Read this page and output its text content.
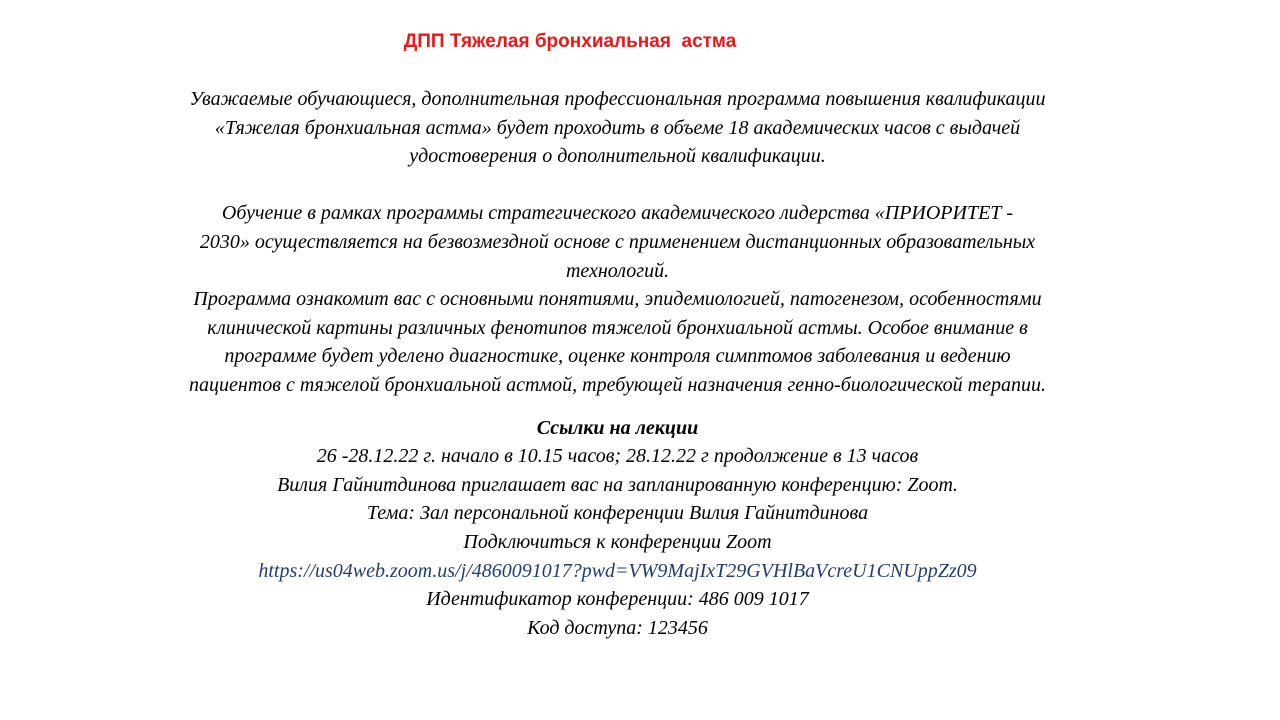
ДПП Тяжелая бронхиальная  астма

Уважаемые обучающиеся, дополнительная профессиональная программа повышения квалификации
«Тяжелая бронхиальная астма» будет проходить в объеме 18 академических часов с выдачей
удостоверения о дополнительной квалификации.

Обучение в рамках программы стратегического академического лидерства «ПРИОРИТЕТ -
2030» осуществляется на безвозмездной основе с применением дистанционных образовательных
технологий.

Программа ознакомит вас с основными понятиями, эпидемиологией, патогенезом, особенностями
клинической картины различных фенотипов тяжелой бронхиальной астмы. Особое внимание в
программе будет уделено диагностике, оценке контроля симптомов заболевания и ведению
пациентов с тяжелой бронхиальной астмой, требующей назначения генно-биологической терапии.

Ссылки на лекции
26 -28.12.22 г. начало в 10.15 часов; 28.12.22 г продолжение в 13 часов
Вилия Гайнитдинова приглашает вас на запланированную конференцию: Zoom.
Тема: Зал персональной конференции Вилия Гайнитдинова
Подключиться к конференции Zoom
https://us04web.zoom.us/j/4860091017?pwd=VW9MajIxT29GVHlBaVcreU1CNUppZz09
Идентификатор конференции: 486 009 1017
Код доступа: 123456
